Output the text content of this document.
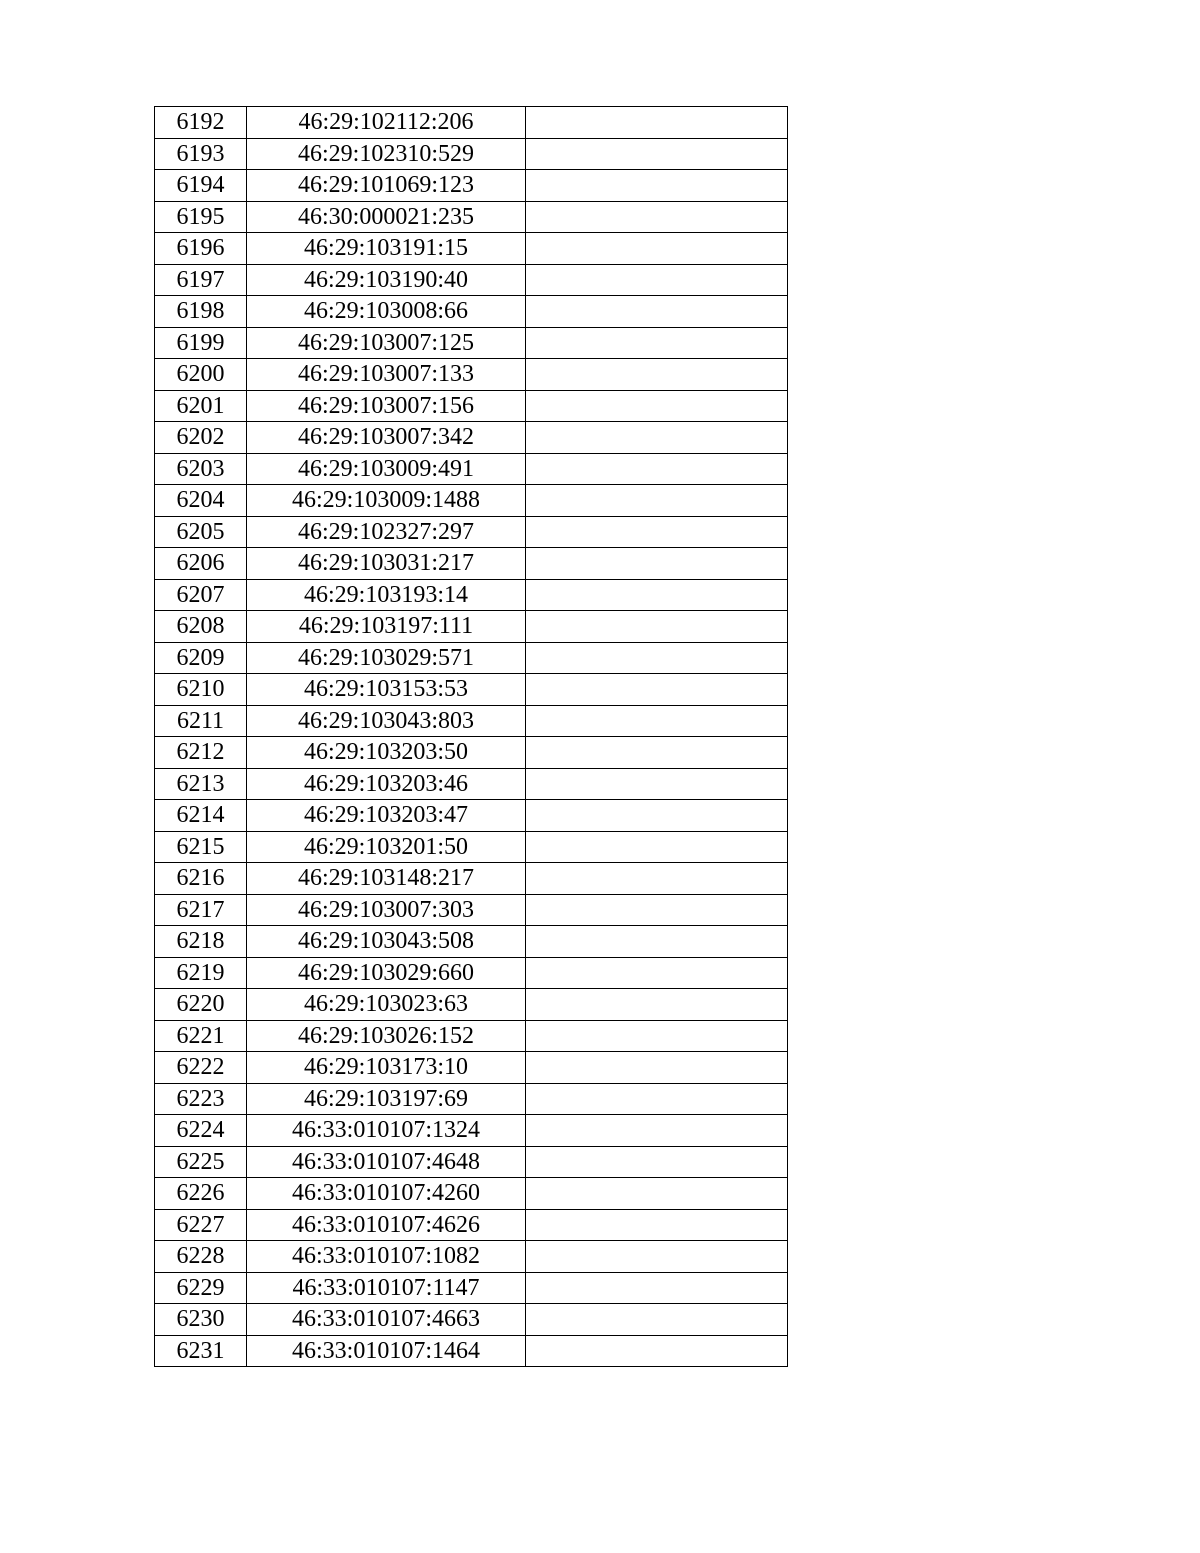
6192	46:29:102112:206	
6193	46:29:102310:529	
6194	46:29:101069:123	
6195	46:30:000021:235	
6196	46:29:103191:15	
6197	46:29:103190:40	
6198	46:29:103008:66	
6199	46:29:103007:125	
6200	46:29:103007:133	
6201	46:29:103007:156	
6202	46:29:103007:342	
6203	46:29:103009:491	
6204	46:29:103009:1488	
6205	46:29:102327:297	
6206	46:29:103031:217	
6207	46:29:103193:14	
6208	46:29:103197:111	
6209	46:29:103029:571	
6210	46:29:103153:53	
6211	46:29:103043:803	
6212	46:29:103203:50	
6213	46:29:103203:46	
6214	46:29:103203:47	
6215	46:29:103201:50	
6216	46:29:103148:217	
6217	46:29:103007:303	
6218	46:29:103043:508	
6219	46:29:103029:660	
6220	46:29:103023:63	
6221	46:29:103026:152	
6222	46:29:103173:10	
6223	46:29:103197:69	
6224	46:33:010107:1324	
6225	46:33:010107:4648	
6226	46:33:010107:4260	
6227	46:33:010107:4626	
6228	46:33:010107:1082	
6229	46:33:010107:1147	
6230	46:33:010107:4663	
6231	46:33:010107:1464	
